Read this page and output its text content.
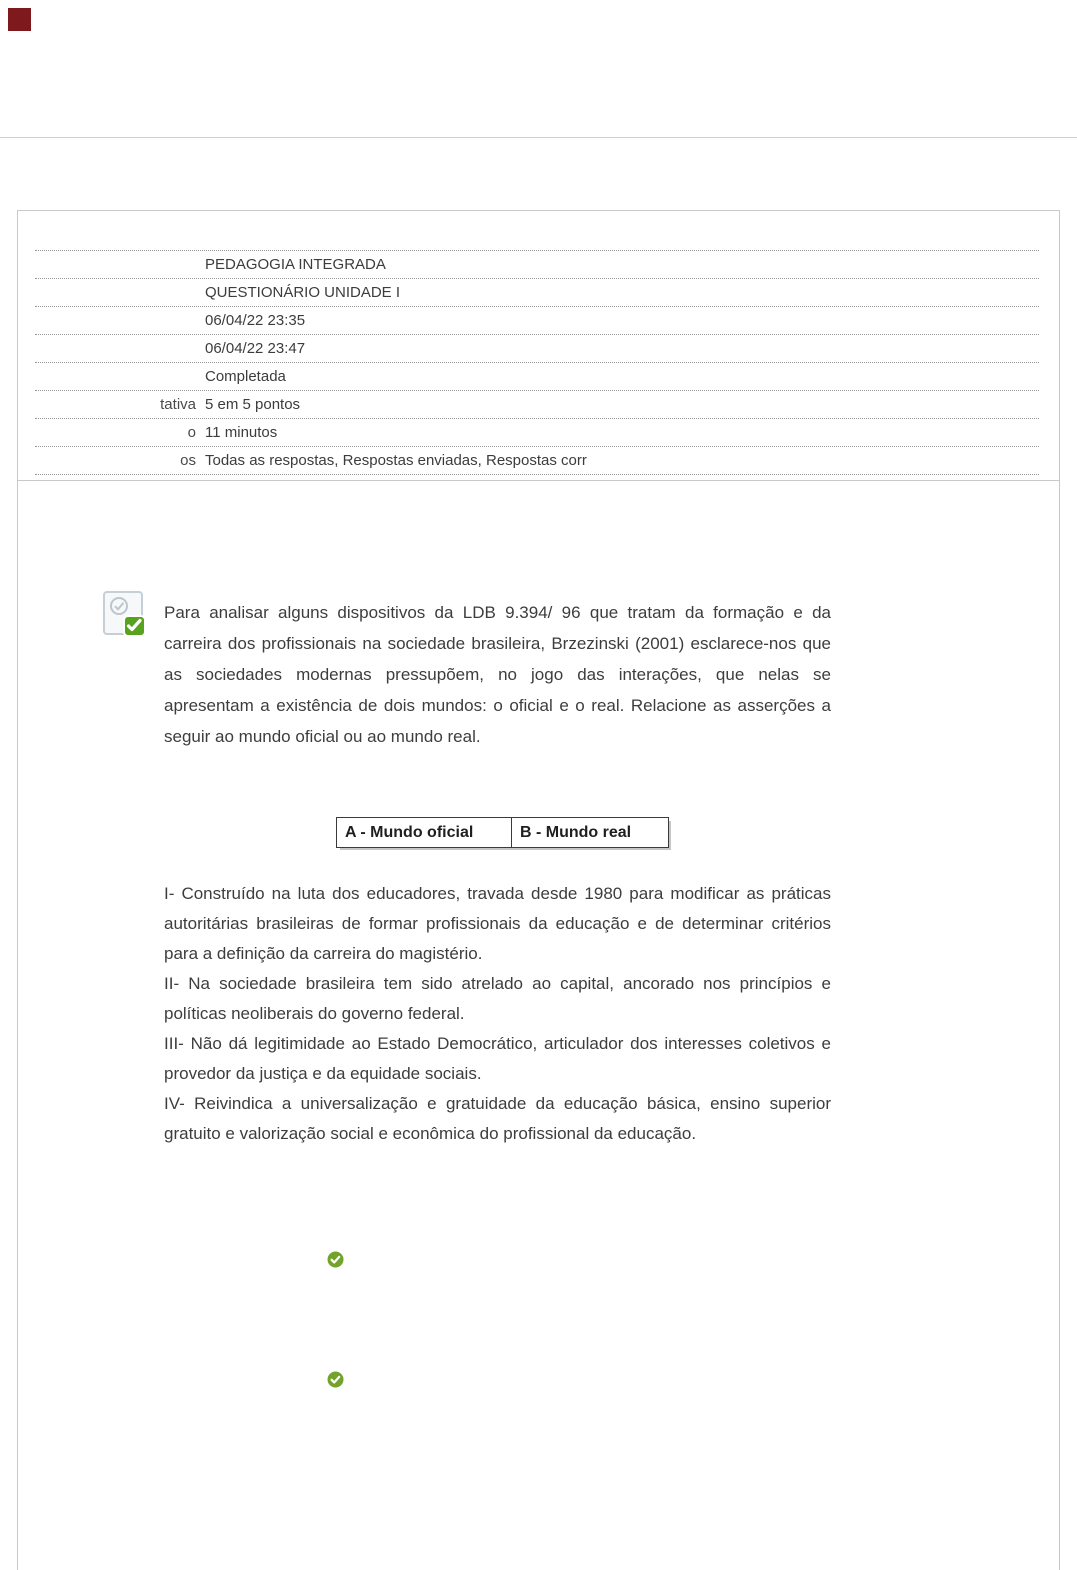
PEDAGOGIA INTEGRADA
QUESTIONÁRIO UNIDADE I
06/04/22 23:35
06/04/22 23:47
Completada
tativa 5 em 5 pontos
o 11 minutos
os Todas as respostas, Respostas enviadas, Respostas corr

Para analisar alguns dispositivos da LDB 9.394/ 96 que tratam da formação e da carreira dos profissionais na sociedade brasileira, Brzezinski (2001) esclarece-nos que as sociedades modernas pressupõem, no jogo das interações, que nelas se apresentam a existência de dois mundos: o oficial e o real. Relacione as asserções a seguir ao mundo oficial ou ao mundo real.

A - Mundo oficial	B - Mundo real

I- Construído na luta dos educadores, travada desde 1980 para modificar as práticas autoritárias brasileiras de formar profissionais da educação e de determinar critérios para a definição da carreira do magistério.

II- Na sociedade brasileira tem sido atrelado ao capital, ancorado nos princípios e políticas neoliberais do governo federal.

III- Não dá legitimidade ao Estado Democrático, articulador dos interesses coletivos e provedor da justiça e da equidade sociais.

IV- Reivindica a universalização e gratuidade da educação básica, ensino superior gratuito e valorização social e econômica do profissional da educação.
